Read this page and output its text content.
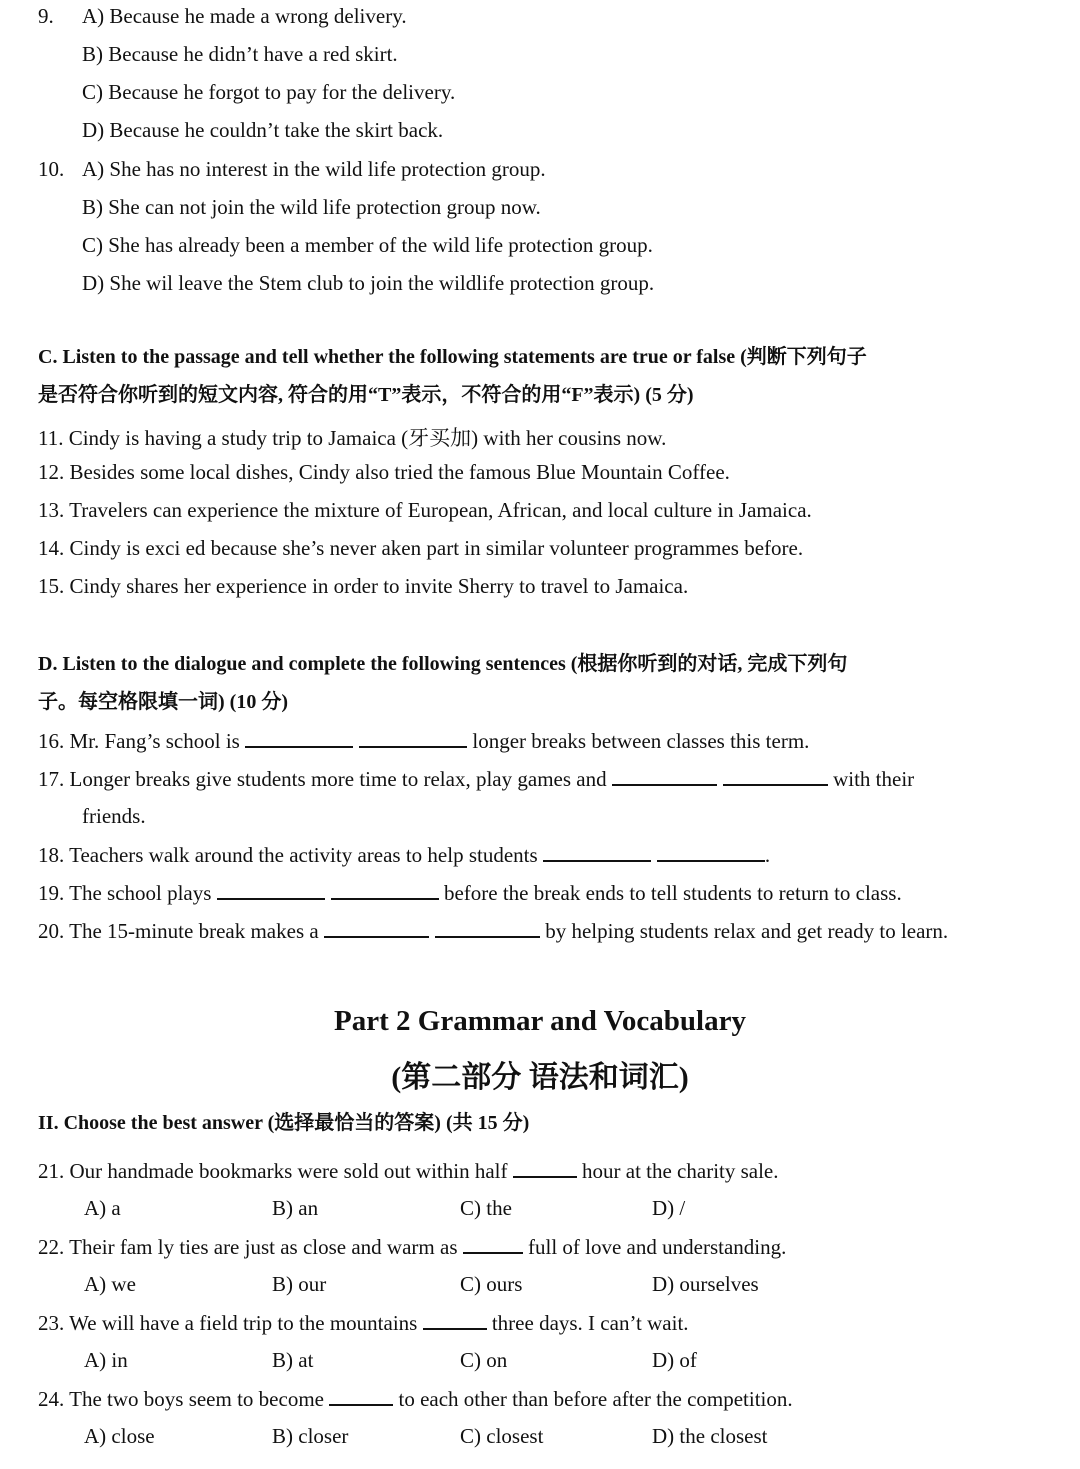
9. A) Because he made a wrong delivery.
B) Because he didn’t have a red skirt.
C) Because he forgot to pay for the delivery.
D) Because he couldn’t take the skirt back.
10. A) She has no interest in the wild life protection group.
B) She can not join the wild life protection group now.
C) She has already been a member of the wild life protection group.
D) She wil leave the Stem club to join the wildlife protection group.
C. Listen to the passage and tell whether the following statements are true or false (判断下列句子
是否符合你听到的短文内容, 符合的用“T”表示，不符合的用“F”表示) (5 分)
11. Cindy is having a study trip to Jamaica (牙买加) with her cousins now.
12. Besides some local dishes, Cindy also tried the famous Blue Mountain Coffee.
13. Travelers can experience the mixture of European, African, and local culture in Jamaica.
14. Cindy is exci ed because she’s never aken part in similar volunteer programmes before.
15. Cindy shares her experience in order to invite Sherry to travel to Jamaica.
D. Listen to the dialogue and complete the following sentences (根据你听到的对话, 完成下列句
子。每空格限填一词) (10 分)
16. Mr. Fang’s school is	longer breaks between classes this term.
17. Longer breaks give students more time to relax, play games and	with their
friends.
18. Teachers walk around the activity areas to help students	.
19. The school plays	before the break ends to tell students to return to class.
20. The 15-minute break makes a	by helping students relax and get ready to learn.
Part 2 Grammar and Vocabulary
(第二部分 语法和词汇)
II. Choose the best answer (选择最恰当的答案) (共 15 分)
21. Our handmade bookmarks were sold out within half	hour at the charity sale.
A) a	B) an	C) the	D) /
22. Their fam ly ties are just as close and warm as	full of love and understanding.
A) we	B) our	C) ours	D) ourselves
23. We will have a field trip to the mountains	three days. I can’t wait.
A) in	B) at	C) on	D) of
24. The two boys seem to become	to each other than before after the competition.
A) close	B) closer	C) closest	D) the closest
